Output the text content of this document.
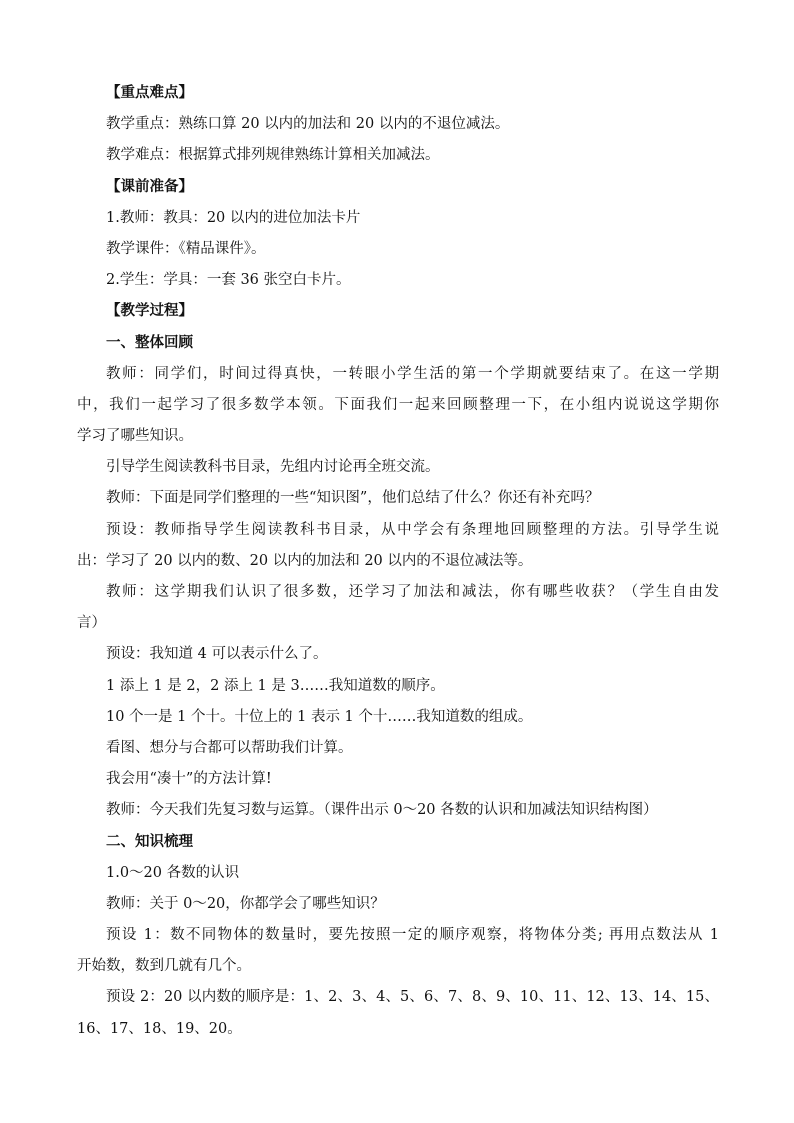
【重点难点】
教学重点：熟练口算 20 以内的加法和 20 以内的不退位减法。
教学难点：根据算式排列规律熟练计算相关加减法。
【课前准备】
1.教师：教具：20 以内的进位加法卡片
教学课件：《精品课件》。
2.学生：学具：一套 36 张空白卡片。
【教学过程】
一、整体回顾
教师：同学们，时间过得真快，一转眼小学生活的第一个学期就要结束了。在这一学期
中，我们一起学习了很多数学本领。下面我们一起来回顾整理一下，在小组内说说这学期你
学习了哪些知识。
引导学生阅读教科书目录，先组内讨论再全班交流。
教师：下面是同学们整理的一些“知识图”，他们总结了什么？你还有补充吗？
预设：教师指导学生阅读教科书目录，从中学会有条理地回顾整理的方法。引导学生说
出：学习了 20 以内的数、20 以内的加法和 20 以内的不退位减法等。
教师：这学期我们认识了很多数，还学习了加法和减法，你有哪些收获？（学生自由发
言）
预设：我知道 4 可以表示什么了。
1 添上 1 是 2，2 添上 1 是 3……我知道数的顺序。
10 个一是 1 个十。十位上的 1 表示 1 个十……我知道数的组成。
看图、想分与合都可以帮助我们计算。
我会用“凑十”的方法计算!
教师：今天我们先复习数与运算。（课件出示 0～20 各数的认识和加减法知识结构图）
二、知识梳理
1.0～20 各数的认识
教师：关于 0～20，你都学会了哪些知识？
预设 1：数不同物体的数量时，要先按照一定的顺序观察，将物体分类; 再用点数法从 1
开始数，数到几就有几个。
预设 2：20 以内数的顺序是：1、2、3、4、5、6、7、8、9、10、11、12、13、14、15、
16、17、18、19、20。
